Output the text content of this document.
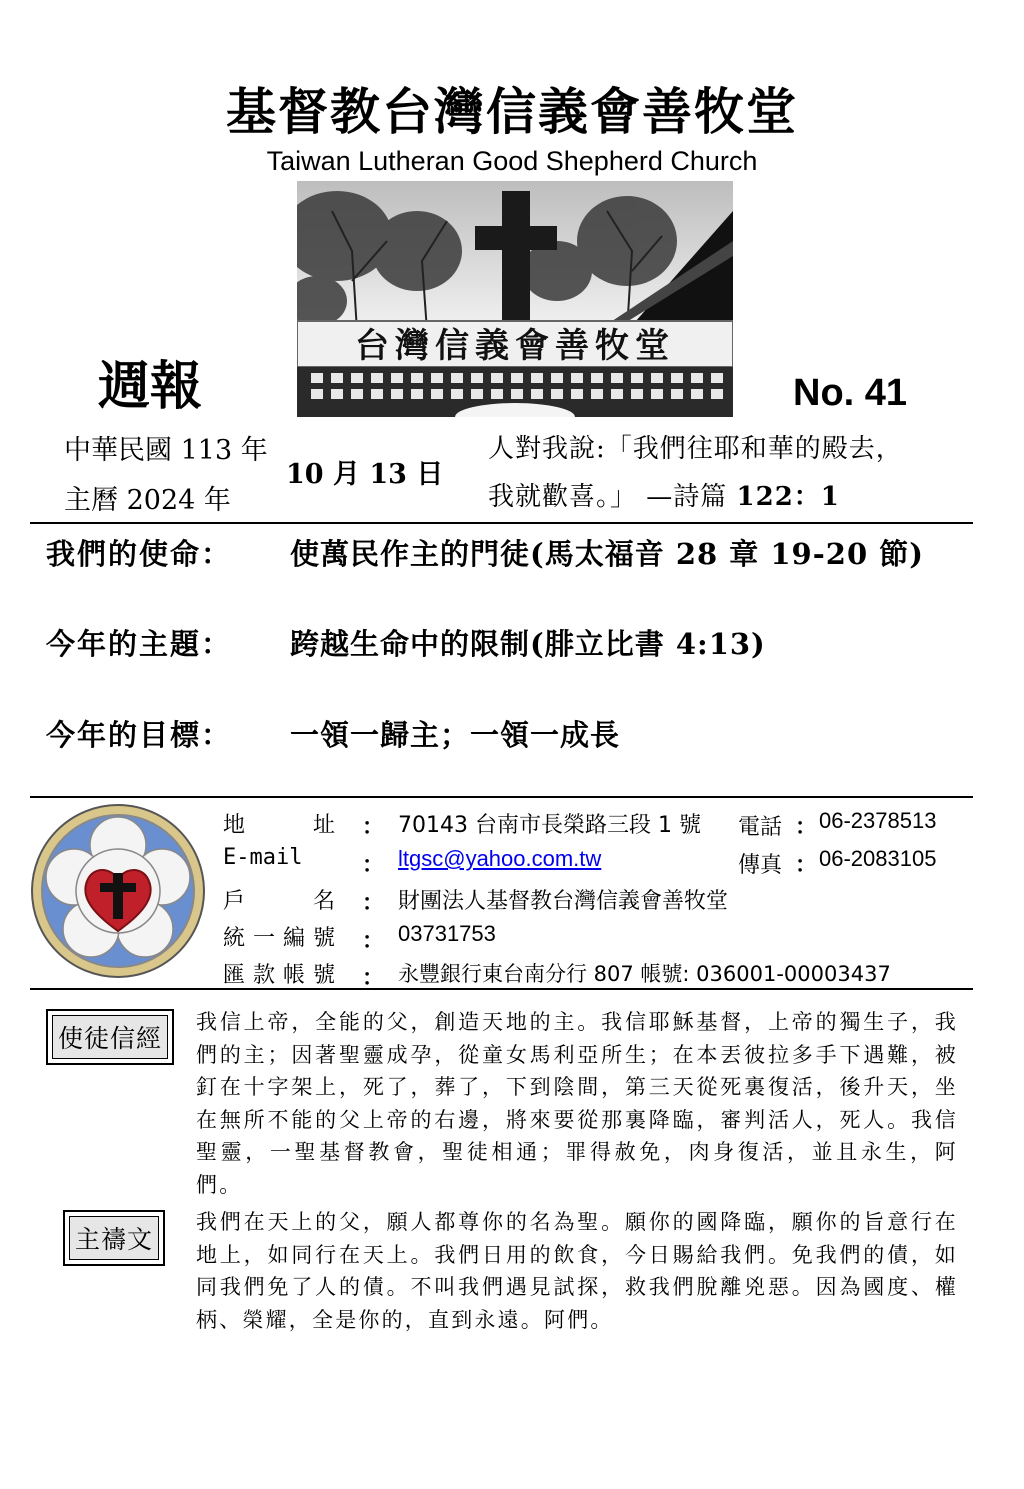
基督教台灣信義會善牧堂
Taiwan Lutheran Good Shepherd Church
台灣信義會善牧堂
週報	No. 41
中華民國 113 年
主曆 2024 年
10 月 13 日
人對我說:「我們往耶和華的殿去，
我就歡喜。」 —詩篇 122：1
我們的使命： 使萬民作主的門徒(馬太福音 28 章 19-20 節)
今年的主題： 跨越生命中的限制(腓立比書 4:13)
今年的目標： 一領一歸主；一領一成長
地址 ： 70143 台南市長榮路三段 1 號 電話 ： 06-2378513
E-mail	： ltgsc@yahoo.com.tw	傳真 ： 06-2083105
戶名 ： 財團法人基督教台灣信義會善牧堂
統一編號 ： 03731753
匯款帳號 ： 永豐銀行東台南分行 807 帳號: 036001-00003437
使徒信經
我信上帝，全能的父，創造天地的主。我信耶穌基督，上帝的獨生子，我們的主；因著聖靈成孕，從童女馬利亞所生；在本丟彼拉多手下遇難，被釘在十字架上，死了，葬了，下到陰間，第三天從死裏復活，後升天，坐在無所不能的父上帝的右邊，將來要從那裏降臨，審判活人，死人。我信聖靈，一聖基督教會，聖徒相通；罪得赦免，肉身復活，並且永生，阿們。
主禱文
我們在天上的父，願人都尊你的名為聖。願你的國降臨，願你的旨意行在地上，如同行在天上。我們日用的飲食，今日賜給我們。免我們的債，如同我們免了人的債。不叫我們遇見試探，救我們脫離兇惡。因為國度、權柄、榮耀，全是你的，直到永遠。阿們。
